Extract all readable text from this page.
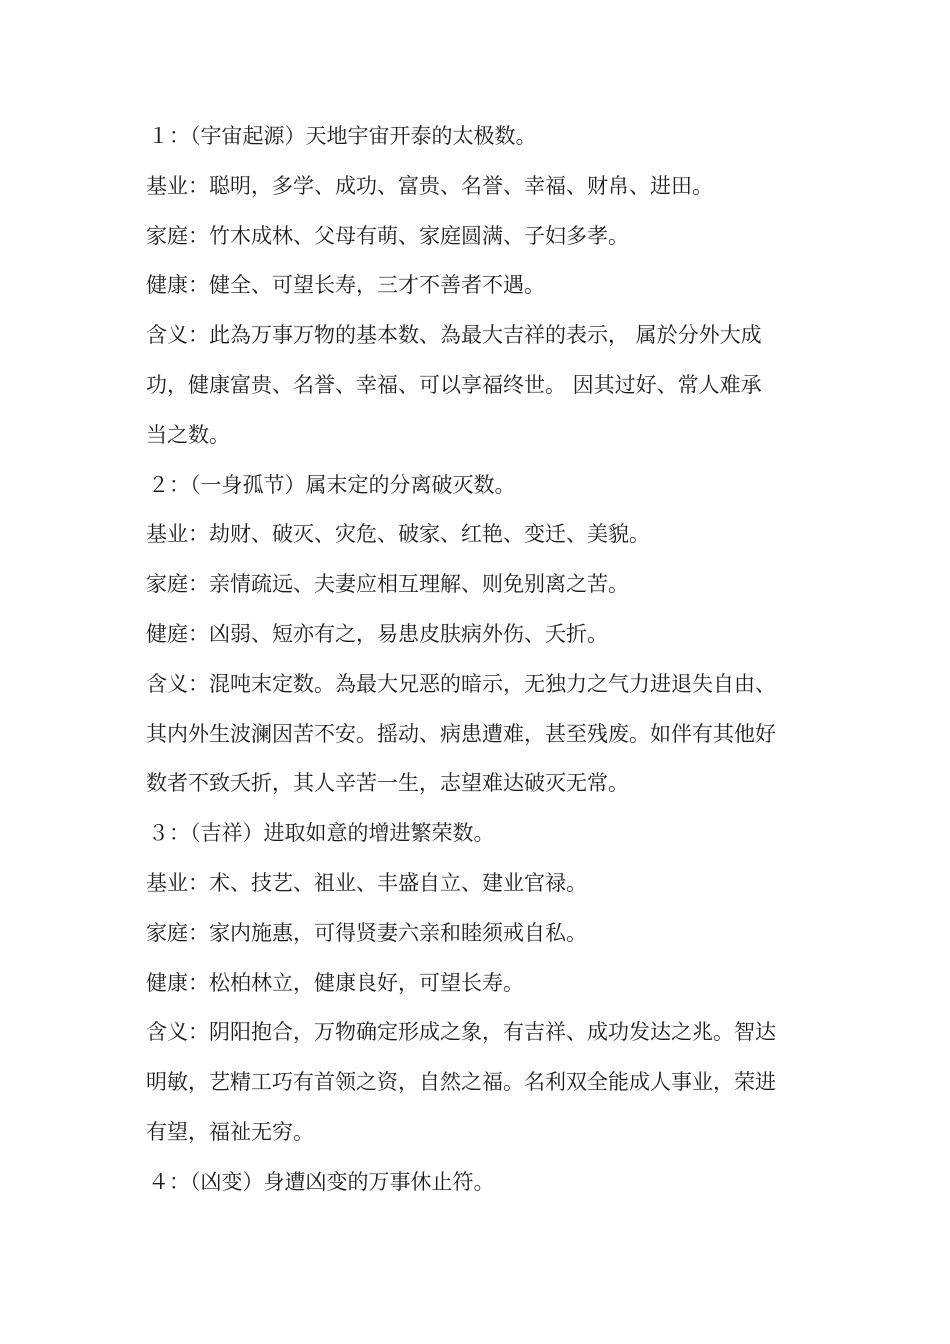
１：（宇宙起源）天地宇宙开泰的太极数。

基业：聪明，多学、成功、富贵、名誉、幸福、财帛、进田。

家庭：竹木成林、父母有萌、家庭圆满、子妇多孝。

健康：健全、可望长寿，三才不善者不遇。

含义：此為万事万物的基本数、為最大吉祥的表示， 属於分外大成

功，健康富贵、名誉、幸福、可以享福终世。 因其过好、常人难承

当之数。

２：（一身孤节）属末定的分离破灭数。

基业：劫财、破灭、灾危、破家、红艳、变迁、美貌。

家庭：亲情疏远、夫妻应相互理解、则免别离之苦。

健庭：凶弱、短亦有之，易患皮肤病外伤、夭折。

含义：混吨末定数。為最大兄恶的暗示，无独力之气力进退失自由、

其内外生波澜因苦不安。摇动、病患遭难，甚至残废。如伴有其他好

数者不致夭折，其人辛苦一生，志望难达破灭无常。

３：（吉祥）进取如意的增进繁荣数。

基业：术、技艺、祖业、丰盛自立、建业官禄。

家庭：家内施惠，可得贤妻六亲和睦须戒自私。

健康：松柏林立，健康良好，可望长寿。

含义：阴阳抱合，万物确定形成之象，有吉祥、成功发达之兆。智达

明敏，艺精工巧有首领之资，自然之福。名利双全能成人事业，荣进

有望，福祉无穷。

４：（凶变）身遭凶变的万事休止符。
